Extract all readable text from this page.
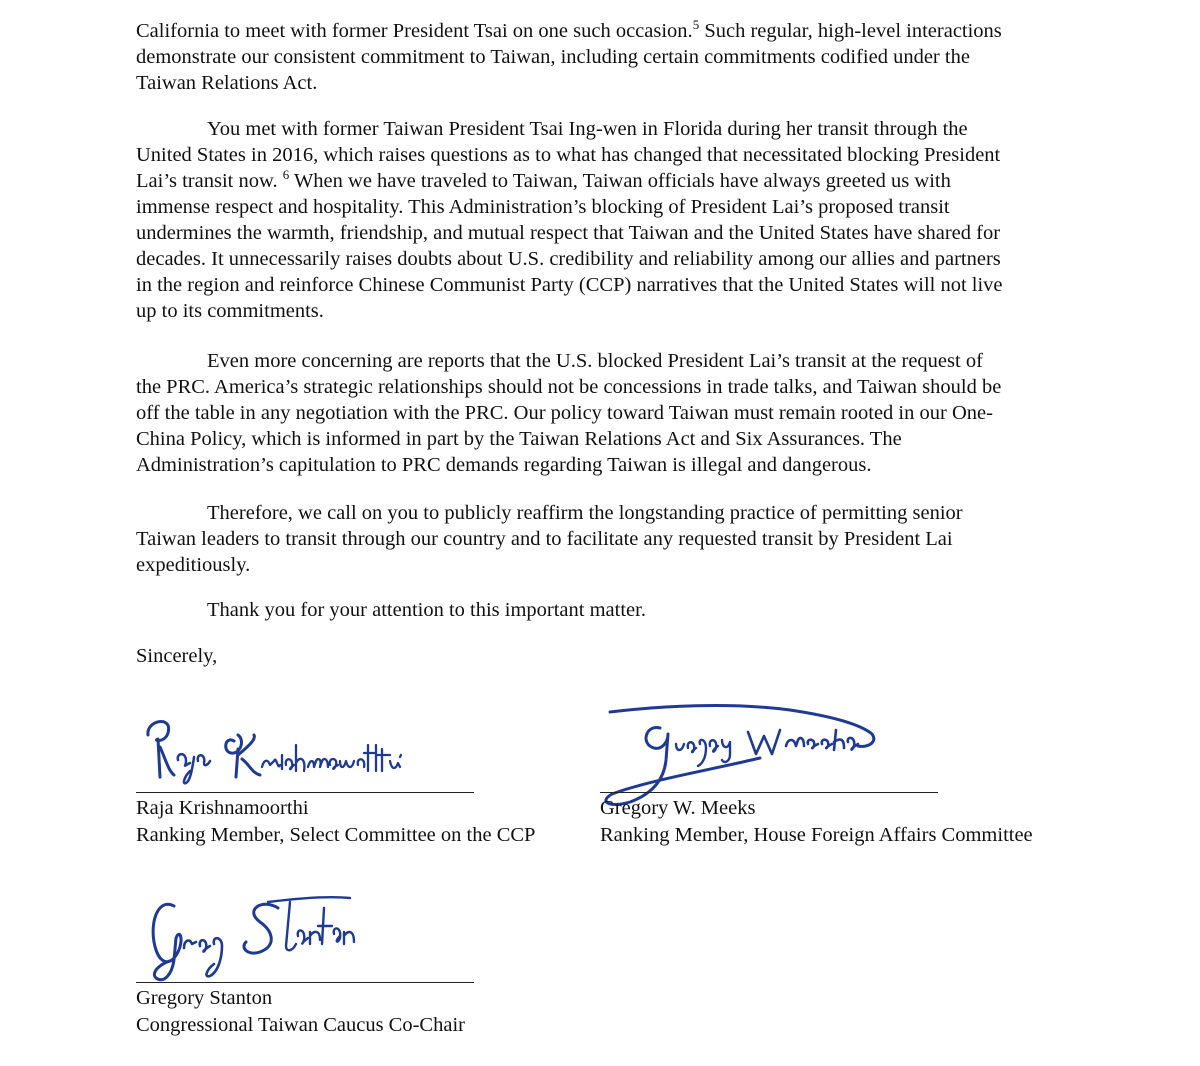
California to meet with former President Tsai on one such occasion.$^5$ Such regular, high-level interactions
demonstrate our consistent commitment to Taiwan, including certain commitments codified under the
Taiwan Relations Act.
You met with former Taiwan President Tsai Ing-wen in Florida during her transit through the
United States in 2016, which raises questions as to what has changed that necessitated blocking President
Lai’s transit now. $^6$ When we have traveled to Taiwan, Taiwan officials have always greeted us with
immense respect and hospitality. This Administration’s blocking of President Lai’s proposed transit
undermines the warmth, friendship, and mutual respect that Taiwan and the United States have shared for
decades. It unnecessarily raises doubts about U.S. credibility and reliability among our allies and partners
in the region and reinforce Chinese Communist Party (CCP) narratives that the United States will not live
up to its commitments.
Even more concerning are reports that the U.S. blocked President Lai’s transit at the request of
the PRC. America’s strategic relationships should not be concessions in trade talks, and Taiwan should be
off the table in any negotiation with the PRC. Our policy toward Taiwan must remain rooted in our One-
China Policy, which is informed in part by the Taiwan Relations Act and Six Assurances. The
Administration’s capitulation to PRC demands regarding Taiwan is illegal and dangerous.
Therefore, we call on you to publicly reaffirm the longstanding practice of permitting senior
Taiwan leaders to transit through our country and to facilitate any requested transit by President Lai
expeditiously.
Thank you for your attention to this important matter.
Sincerely,
Raja Krishnamoorthi
Ranking Member, Select Committee on the CCP
Gregory W. Meeks
Ranking Member, House Foreign Affairs Committee
Gregory Stanton
Congressional Taiwan Caucus Co-Chair
